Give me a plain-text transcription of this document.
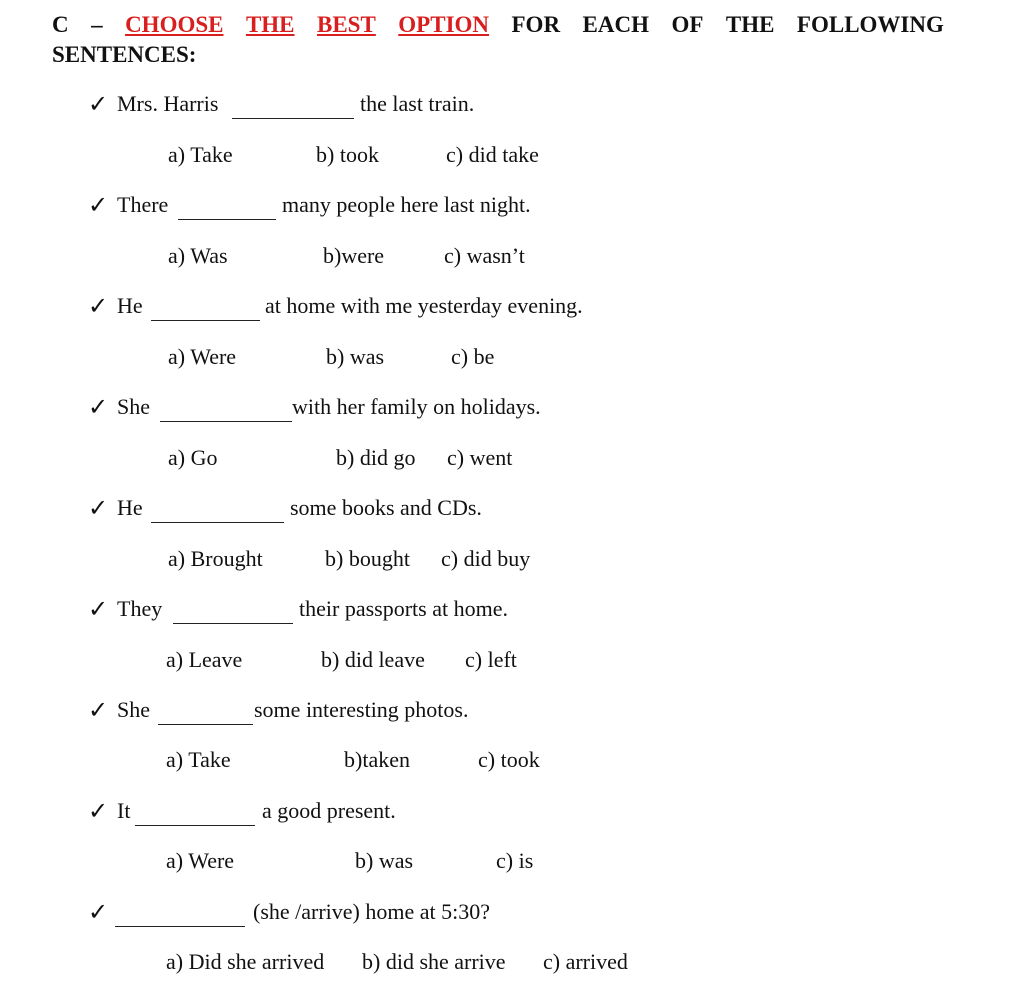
C – CHOOSE THE BEST OPTION FOR EACH OF THE FOLLOWING
SENTENCES:
✓ Mrs. Harris	the last train.
a) Take	b) took	c) did take
✓ There	many people here last night.
a) Was	b)were	c) wasn’t
✓ He	at home with me yesterday evening.
a) Were	b) was	c) be
✓ She	with her family on holidays.
a) Go	b) did go c) went
✓ He	some books and CDs.
a) Brought	b) bought c) did buy
✓ They	their passports at home.
a) Leave	b) did leave c) left
✓ She	some interesting photos.
a) Take	b)taken	c) took
✓ It	a good present.
a) Were	b) was	c) is
✓	(she /arrive) home at 5:30?
a) Did she arrived b) did she arrive c) arrived
